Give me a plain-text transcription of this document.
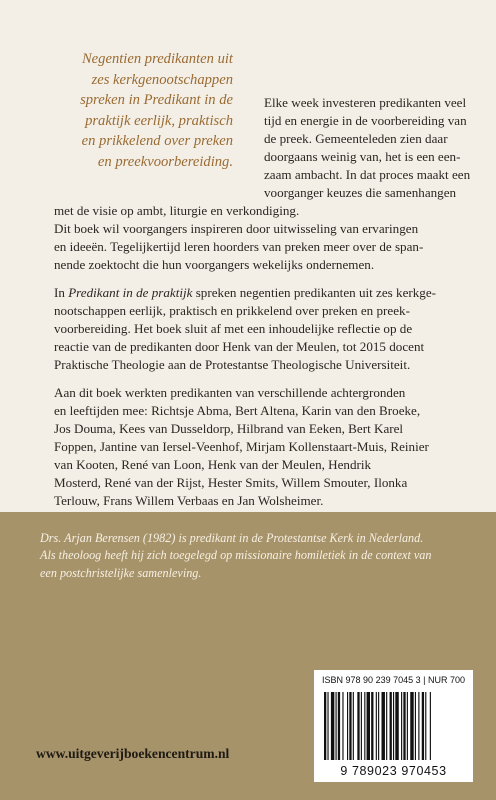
Negentien predikanten uit
zes kerkgenootschappen
spreken in Predikant in de
praktijk eerlijk, praktisch
en prikkelend over preken
en preekvoorbereiding.
Elke week investeren predikanten veel
tijd en energie in de voorbereiding van
de preek. Gemeenteleden zien daar
doorgaans weinig van, het is een een-
zaam ambacht. In dat proces maakt een
voorganger keuzes die samenhangen
met de visie op ambt, liturgie en verkondiging.
Dit boek wil voorgangers inspireren door uitwisseling van ervaringen
en ideeën. Tegelijkertijd leren hoorders van preken meer over de span-
nende zoektocht die hun voorgangers wekelijks ondernemen.
In Predikant in de praktijk spreken negentien predikanten uit zes kerkge-
nootschappen eerlijk, praktisch en prikkelend over preken en preek-
voorbereiding. Het boek sluit af met een inhoudelijke reflectie op de
reactie van de predikanten door Henk van der Meulen, tot 2015 docent
Praktische Theologie aan de Protestantse Theologische Universiteit.
Aan dit boek werkten predikanten van verschillende achtergronden
en leeftijden mee: Richtsje Abma, Bert Altena, Karin van den Broeke,
Jos Douma, Kees van Dusseldorp, Hilbrand van Eeken, Bert Karel
Foppen, Jantine van Iersel-Veenhof, Mirjam Kollenstaart-Muis, Reinier
van Kooten, René van Loon, Henk van der Meulen, Hendrik
Mosterd, René van der Rijst, Hester Smits, Willem Smouter, Ilonka
Terlouw, Frans Willem Verbaas en Jan Wolsheimer.
Drs. Arjan Berensen (1982) is predikant in de Protestantse Kerk in Nederland.
Als theoloog heeft hij zich toegelegd op missionaire homiletiek in de context van
een postchristelijke samenleving.
www.uitgeverijboekencentrum.nl
ISBN 978 90 239 7045 3 | NUR 700
9 789023 970453
